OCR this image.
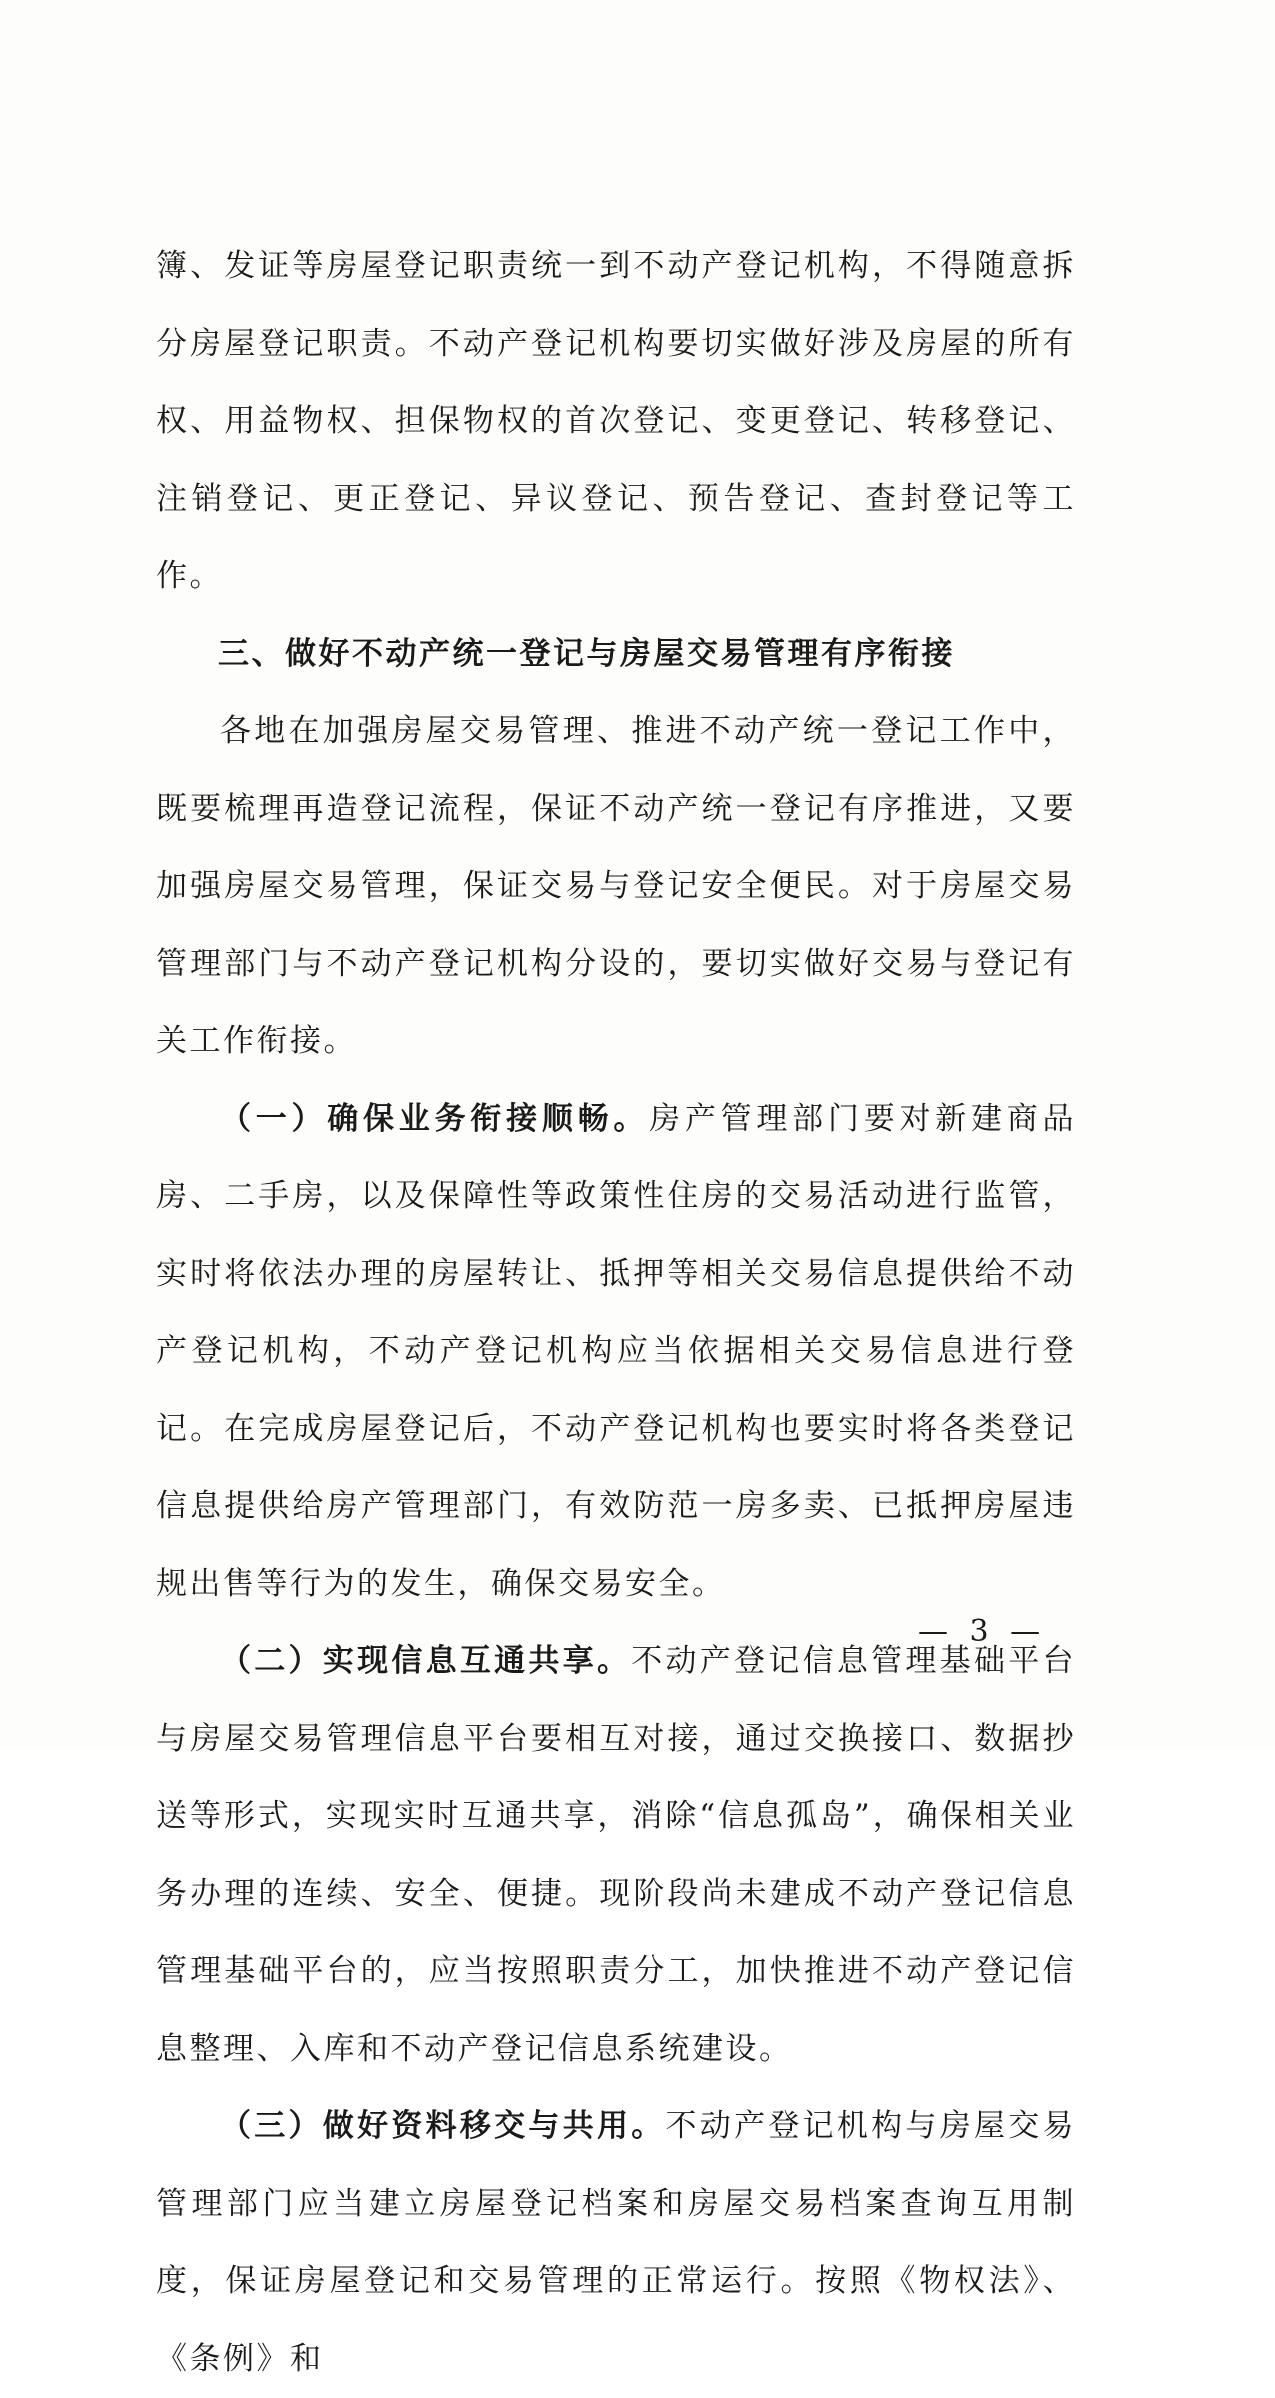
簿、发证等房屋登记职责统一到不动产登记机构，不得随意拆分房屋登记职责。不动产登记机构要切实做好涉及房屋的所有权、用益物权、担保物权的首次登记、变更登记、转移登记、注销登记、更正登记、异议登记、预告登记、查封登记等工作。

三、做好不动产统一登记与房屋交易管理有序衔接

各地在加强房屋交易管理、推进不动产统一登记工作中，既要梳理再造登记流程，保证不动产统一登记有序推进，又要加强房屋交易管理，保证交易与登记安全便民。对于房屋交易管理部门与不动产登记机构分设的，要切实做好交易与登记有关工作衔接。

（一）确保业务衔接顺畅。房产管理部门要对新建商品房、二手房，以及保障性等政策性住房的交易活动进行监管，实时将依法办理的房屋转让、抵押等相关交易信息提供给不动产登记机构，不动产登记机构应当依据相关交易信息进行登记。在完成房屋登记后，不动产登记机构也要实时将各类登记信息提供给房产管理部门，有效防范一房多卖、已抵押房屋违规出售等行为的发生，确保交易安全。

（二）实现信息互通共享。不动产登记信息管理基础平台与房屋交易管理信息平台要相互对接，通过交换接口、数据抄送等形式，实现实时互通共享，消除“信息孤岛”，确保相关业务办理的连续、安全、便捷。现阶段尚未建成不动产登记信息管理基础平台的，应当按照职责分工，加快推进不动产登记信息整理、入库和不动产登记信息系统建设。

（三）做好资料移交与共用。不动产登记机构与房屋交易管理部门应当建立房屋登记档案和房屋交易档案查询互用制度，保证房屋登记和交易管理的正常运行。按照《物权法》、《条例》和

— 3 —
